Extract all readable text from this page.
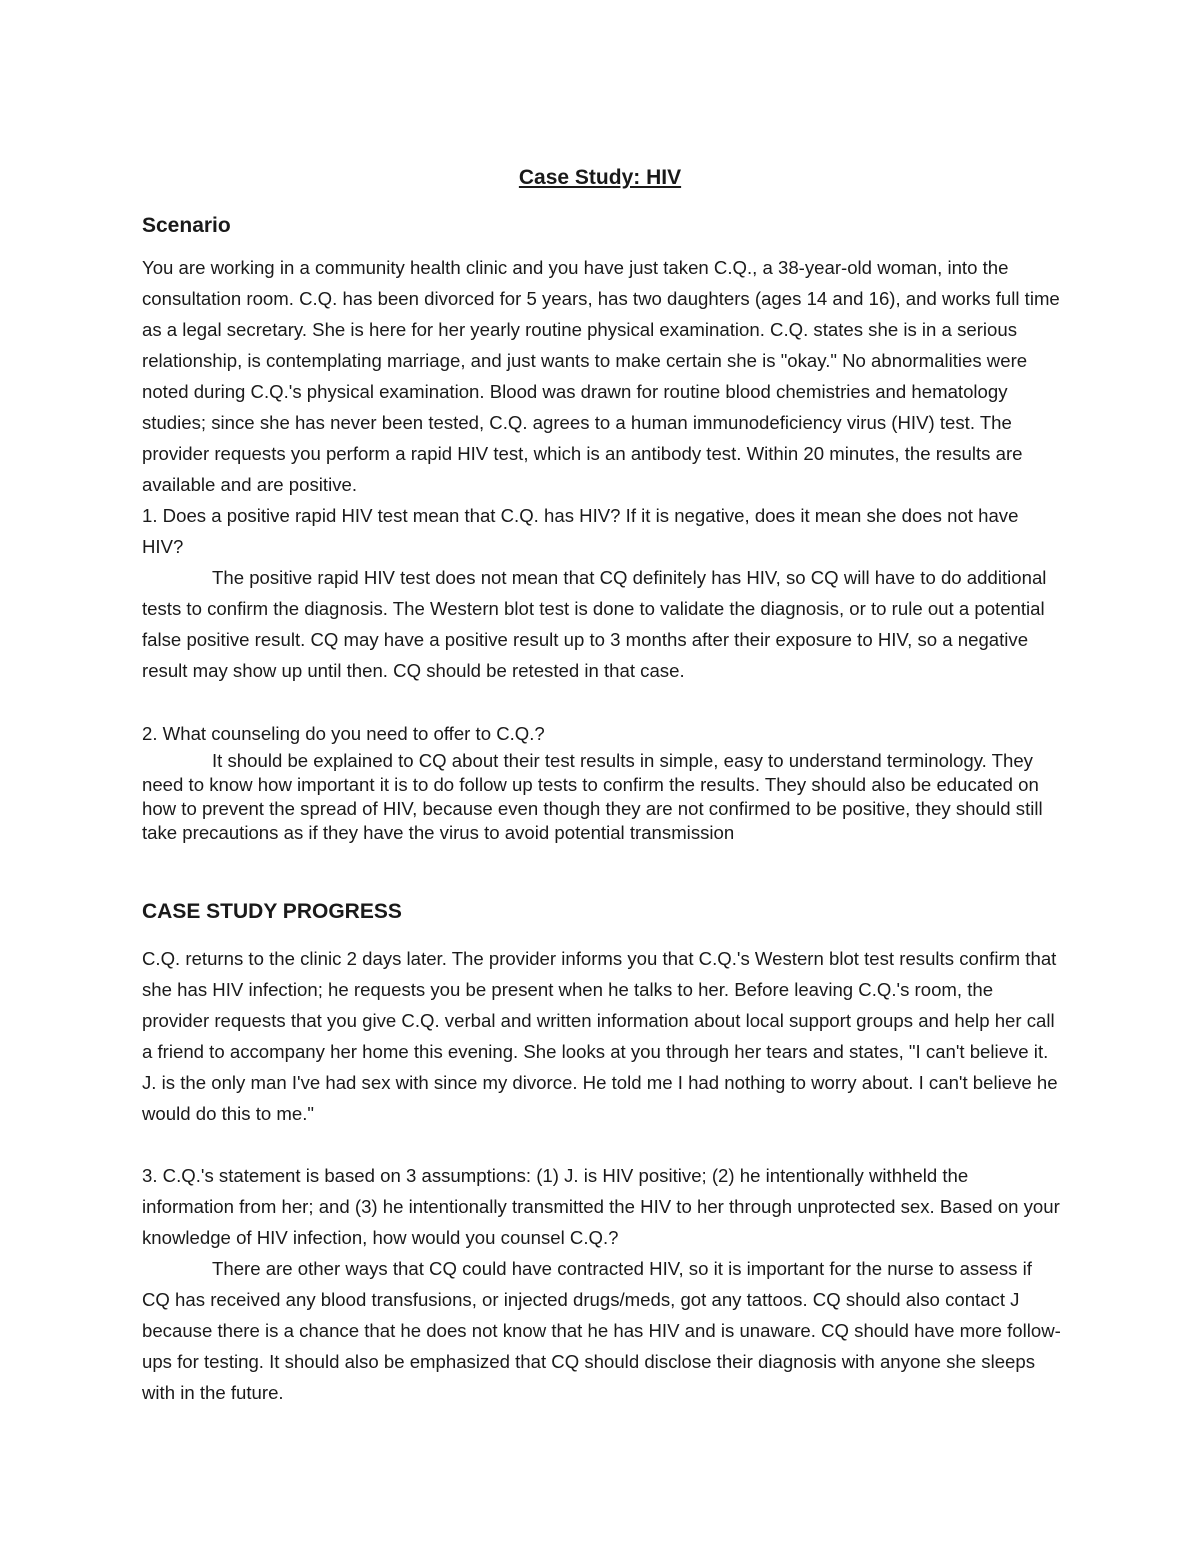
Case Study: HIV
Scenario

You are working in a community health clinic and you have just taken C.Q., a 38-year-old woman, into the consultation room. C.Q. has been divorced for 5 years, has two daughters (ages 14 and 16), and works full time as a legal secretary. She is here for her yearly routine physical examination. C.Q. states she is in a serious relationship, is contemplating marriage, and just wants to make certain she is "okay." No abnormalities were noted during C.Q.'s physical examination. Blood was drawn for routine blood chemistries and hematology studies; since she has never been tested, C.Q. agrees to a human immunodeficiency virus (HIV) test. The provider requests you perform a rapid HIV test, which is an antibody test. Within 20 minutes, the results are available and are positive.

1. Does a positive rapid HIV test mean that C.Q. has HIV? If it is negative, does it mean she does not have HIV?

The positive rapid HIV test does not mean that CQ definitely has HIV, so CQ will have to do additional tests to confirm the diagnosis. The Western blot test is done to validate the diagnosis, or to rule out a potential false positive result. CQ may have a positive result up to 3 months after their exposure to HIV, so a negative result may show up until then. CQ should be retested in that case.

2. What counseling do you need to offer to C.Q.?

It should be explained to CQ about their test results in simple, easy to understand terminology. They need to know how important it is to do follow up tests to confirm the results. They should also be educated on how to prevent the spread of HIV, because even though they are not confirmed to be positive, they should still take precautions as if they have the virus to avoid potential transmission

CASE STUDY PROGRESS

C.Q. returns to the clinic 2 days later. The provider informs you that C.Q.'s Western blot test results confirm that she has HIV infection; he requests you be present when he talks to her. Before leaving C.Q.'s room, the provider requests that you give C.Q. verbal and written information about local support groups and help her call a friend to accompany her home this evening. She looks at you through her tears and states, "I can't believe it. J. is the only man I've had sex with since my divorce. He told me I had nothing to worry about. I can't believe he would do this to me."

3. C.Q.'s statement is based on 3 assumptions: (1) J. is HIV positive; (2) he intentionally withheld the information from her; and (3) he intentionally transmitted the HIV to her through unprotected sex. Based on your knowledge of HIV infection, how would you counsel C.Q.?

There are other ways that CQ could have contracted HIV, so it is important for the nurse to assess if CQ has received any blood transfusions, or injected drugs/meds, got any tattoos. CQ should also contact J because there is a chance that he does not know that he has HIV and is unaware. CQ should have more follow-ups for testing. It should also be emphasized that CQ should disclose their diagnosis with anyone she sleeps with in the future.
